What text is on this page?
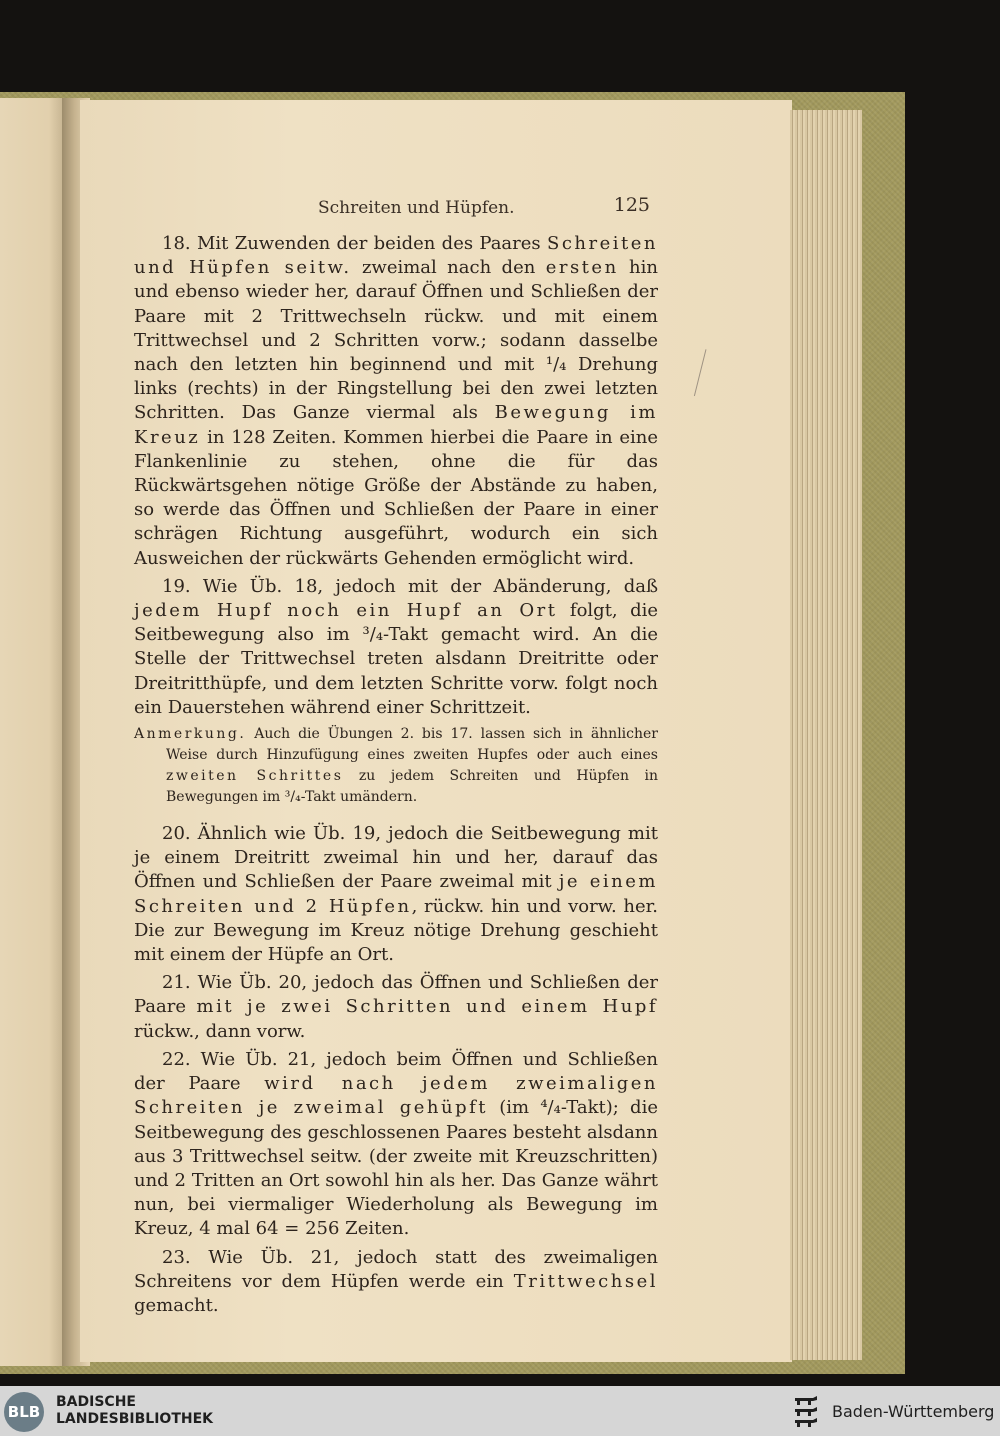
Schreiten und Hüpfen.	125

18. Mit Zuwenden der beiden des Paares Schreiten und Hüpfen seitw. zweimal nach den ersten hin und ebenso wieder her, darauf Öffnen und Schließen der Paare mit 2 Trittwechseln rückw. und mit einem Trittwechsel und 2 Schritten vorw.; sodann dasselbe nach den letzten hin beginnend und mit ¹/₄ Drehung links (rechts) in der Ringstellung bei den zwei letzten Schritten. Das Ganze viermal als Bewegung im Kreuz in 128 Zeiten. Kommen hierbei die Paare in eine Flankenlinie zu stehen, ohne die für das Rückwärtsgehen nötige Größe der Abstände zu haben, so werde das Öffnen und Schließen der Paare in einer schrägen Richtung ausgeführt, wodurch ein sich Ausweichen der rückwärts Gehenden ermöglicht wird.

19. Wie Üb. 18, jedoch mit der Abänderung, daß jedem Hupf noch ein Hupf an Ort folgt, die Seitbewegung also im ³/₄-Takt gemacht wird. An die Stelle der Trittwechsel treten alsdann Dreitritte oder Dreitritthüpfe, und dem letzten Schritte vorw. folgt noch ein Dauerstehen während einer Schrittzeit.

Anmerkung. Auch die Übungen 2. bis 17. lassen sich in ähnlicher Weise durch Hinzufügung eines zweiten Hupfes oder auch eines zweiten Schrittes zu jedem Schreiten und Hüpfen in Bewegungen im ³/₄-Takt umändern.

20. Ähnlich wie Üb. 19, jedoch die Seitbewegung mit je einem Dreitritt zweimal hin und her, darauf das Öffnen und Schließen der Paare zweimal mit je einem Schreiten und 2 Hüpfen, rückw. hin und vorw. her. Die zur Bewegung im Kreuz nötige Drehung geschieht mit einem der Hüpfe an Ort.

21. Wie Üb. 20, jedoch das Öffnen und Schließen der Paare mit je zwei Schritten und einem Hupf rückw., dann vorw.

22. Wie Üb. 21, jedoch beim Öffnen und Schließen der Paare wird nach jedem zweimaligen Schreiten je zweimal gehüpft (im ⁴/₄-Takt); die Seitbewegung des geschlossenen Paares besteht alsdann aus 3 Trittwechsel seitw. (der zweite mit Kreuzschritten) und 2 Tritten an Ort sowohl hin als her. Das Ganze währt nun, bei viermaliger Wiederholung als Bewegung im Kreuz, 4 mal 64 = 256 Zeiten.

23. Wie Üb. 21, jedoch statt des zweimaligen Schreitens vor dem Hüpfen werde ein Trittwechsel gemacht.

BLB
BADISCHE
LANDESBIBLIOTHEK	Baden-Württemberg
